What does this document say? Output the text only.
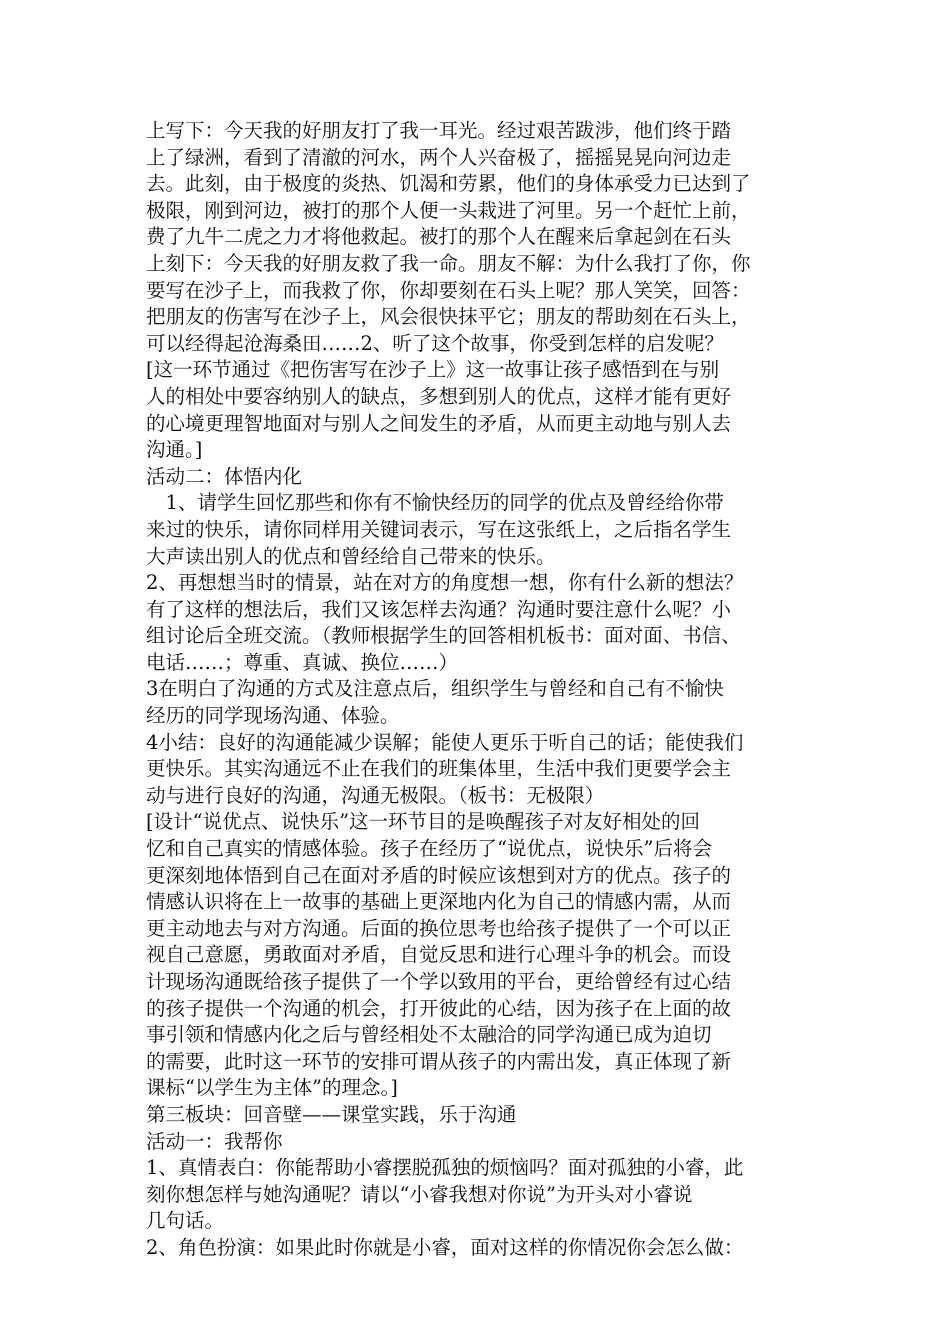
上写下：今天我的好朋友打了我一耳光。经过艰苦跋涉，他们终于踏
上了绿洲，看到了清澈的河水，两个人兴奋极了，摇摇晃晃向河边走
去。此刻，由于极度的炎热、饥渴和劳累，他们的身体承受力已达到了
极限，刚到河边，被打的那个人便一头栽进了河里。另一个赶忙上前，
费了九牛二虎之力才将他救起。被打的那个人在醒来后拿起剑在石头
上刻下：今天我的好朋友救了我一命。朋友不解：为什么我打了你，你
要写在沙子上，而我救了你，你却要刻在石头上呢？那人笑笑，回答：
把朋友的伤害写在沙子上，风会很快抹平它；朋友的帮助刻在石头上，
可以经得起沧海桑田……2、听了这个故事，你受到怎样的启发呢？
[这一环节通过《把伤害写在沙子上》这一故事让孩子感悟到在与别
人的相处中要容纳别人的缺点，多想到别人的优点，这样才能有更好
的心境更理智地面对与别人之间发生的矛盾，从而更主动地与别人去
沟通。]
活动二：体悟内化
　1、请学生回忆那些和你有不愉快经历的同学的优点及曾经给你带
来过的快乐，请你同样用关键词表示，写在这张纸上，之后指名学生
大声读出别人的优点和曾经给自己带来的快乐。
2、再想想当时的情景，站在对方的角度想一想，你有什么新的想法？
有了这样的想法后，我们又该怎样去沟通？沟通时要注意什么呢？小
组讨论后全班交流。（教师根据学生的回答相机板书：面对面、书信、
电话……；尊重、真诚、换位……）
3在明白了沟通的方式及注意点后，组织学生与曾经和自己有不愉快
经历的同学现场沟通、体验。
4小结：良好的沟通能减少误解；能使人更乐于听自己的话；能使我们
更快乐。其实沟通远不止在我们的班集体里，生活中我们更要学会主
动与进行良好的沟通，沟通无极限。（板书：无极限）
[设计“说优点、说快乐”这一环节目的是唤醒孩子对友好相处的回
忆和自己真实的情感体验。孩子在经历了“说优点，说快乐”后将会
更深刻地体悟到自己在面对矛盾的时候应该想到对方的优点。孩子的
情感认识将在上一故事的基础上更深地内化为自己的情感内需，从而
更主动地去与对方沟通。后面的换位思考也给孩子提供了一个可以正
视自己意愿，勇敢面对矛盾，自觉反思和进行心理斗争的机会。而设
计现场沟通既给孩子提供了一个学以致用的平台，更给曾经有过心结
的孩子提供一个沟通的机会，打开彼此的心结，因为孩子在上面的故
事引领和情感内化之后与曾经相处不太融洽的同学沟通已成为迫切
的需要，此时这一环节的安排可谓从孩子的内需出发，真正体现了新
课标“以学生为主体”的理念。]
第三板块：回音壁——课堂实践，乐于沟通
活动一：我帮你
1、真情表白：你能帮助小睿摆脱孤独的烦恼吗？面对孤独的小睿，此
刻你想怎样与她沟通呢？请以“小睿我想对你说”为开头对小睿说
几句话。
2、角色扮演：如果此时你就是小睿，面对这样的你情况你会怎么做：
